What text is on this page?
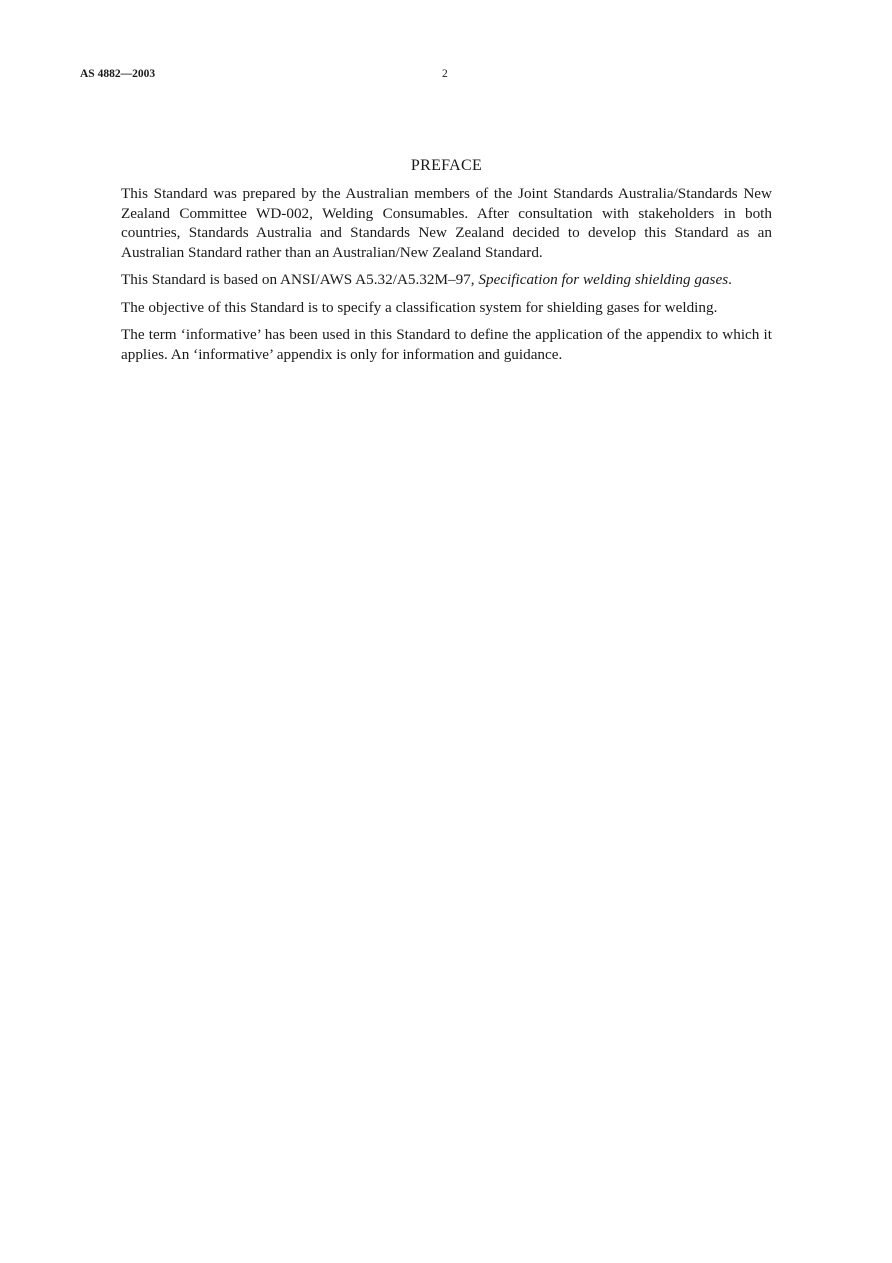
AS 4882—2003	2
PREFACE

This Standard was prepared by the Australian members of the Joint Standards Australia/Standards New Zealand Committee WD-002, Welding Consumables. After consultation with stakeholders in both countries, Standards Australia and Standards New Zealand decided to develop this Standard as an Australian Standard rather than an Australian/New Zealand Standard.

This Standard is based on ANSI/AWS A5.32/A5.32M–97, Specification for welding shielding gases.

The objective of this Standard is to specify a classification system for shielding gases for welding.

The term ‘informative’ has been used in this Standard to define the application of the appendix to which it applies. An ‘informative’ appendix is only for information and guidance.
